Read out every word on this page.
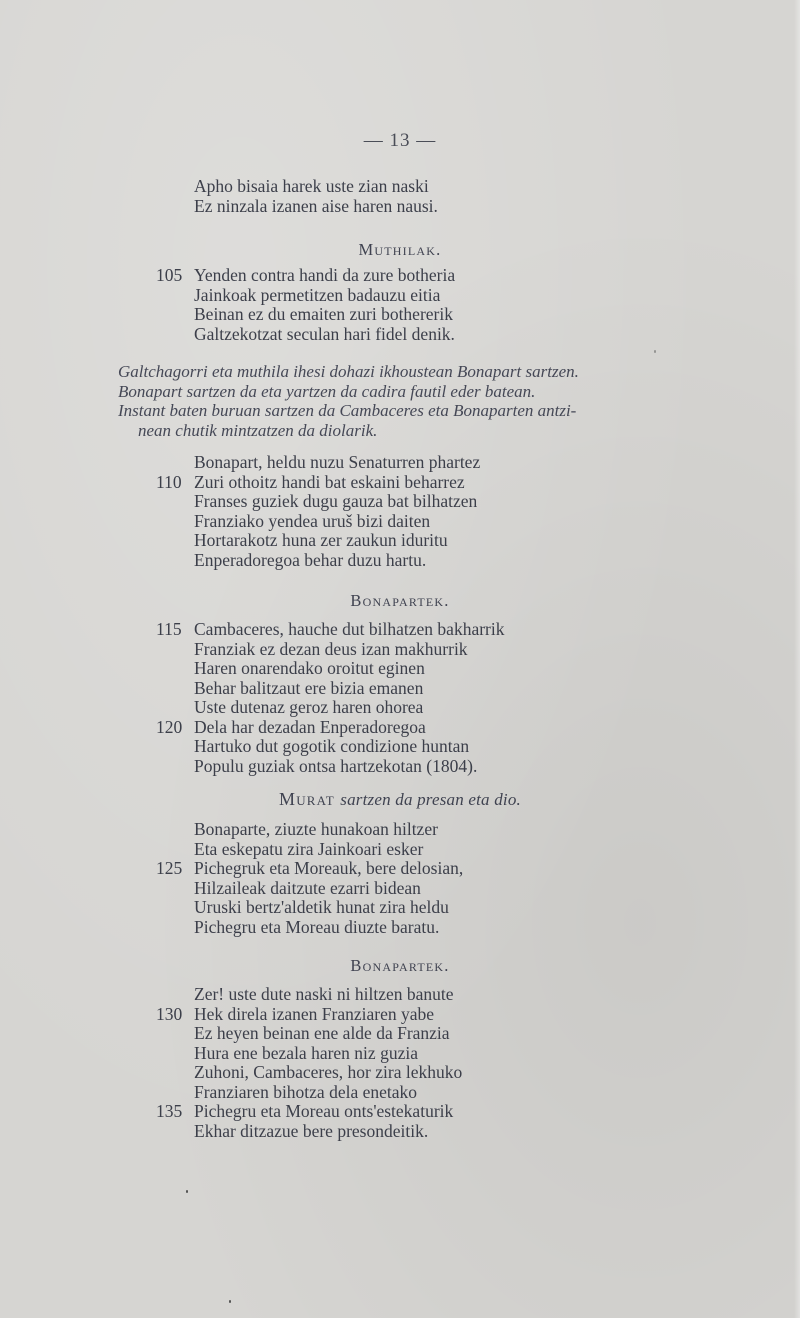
— 13 —
Apho bisaia harek uste zian naski
Ez ninzala izanen aise haren nausi.
Muthilak.
105 Yenden contra handi da zure botheria
Jainkoak permetitzen badauzu eitia
Beinan ez du emaiten zuri bothererik
Galtzekotzat seculan hari fidel denik.
Galtchagorri eta muthila ihesi dohazi ikhoustean Bonapart sartzen.
Bonapart sartzen da eta yartzen da cadira fautil eder batean.
Instant baten buruan sartzen da Cambaceres eta Bonaparten antzi-
nean chutik mintzatzen da diolarik.
Bonapart, heldu nuzu Senaturren phartez
110 Zuri othoitz handi bat eskaini beharrez
Franses guziek dugu gauza bat bilhatzen
Franziako yendea uruš bizi daiten
Hortarakotz huna zer zaukun iduritu
Enperadoregoa behar duzu hartu.
Bonapartek.
115 Cambaceres, hauche dut bilhatzen bakharrik
Franziak ez dezan deus izan makhurrik
Haren onarendako oroitut eginen
Behar balitzaut ere bizia emanen
Uste dutenaz geroz haren ohorea
120 Dela har dezadan Enperadoregoa
Hartuko dut gogotik condizione huntan
Populu guziak ontsa hartzekotan (1804).
Murat sartzen da presan eta dio.
Bonaparte, ziuzte hunakoan hiltzer
Eta eskepatu zira Jainkoari esker
125 Pichegruk eta Moreauk, bere delosian,
Hilzaileak daitzute ezarri bidean
Uruski bertz'aldetik hunat zira heldu
Pichegru eta Moreau diuzte baratu.
Bonapartek.
Zer! uste dute naski ni hiltzen banute
130 Hek direla izanen Franziaren yabe
Ez heyen beinan ene alde da Franzia
Hura ene bezala haren niz guzia
Zuhoni, Cambaceres, hor zira lekhuko
Franziaren bihotza dela enetako
135 Pichegru eta Moreau onts'estekaturik
Ekhar ditzazue bere presondeitik.
